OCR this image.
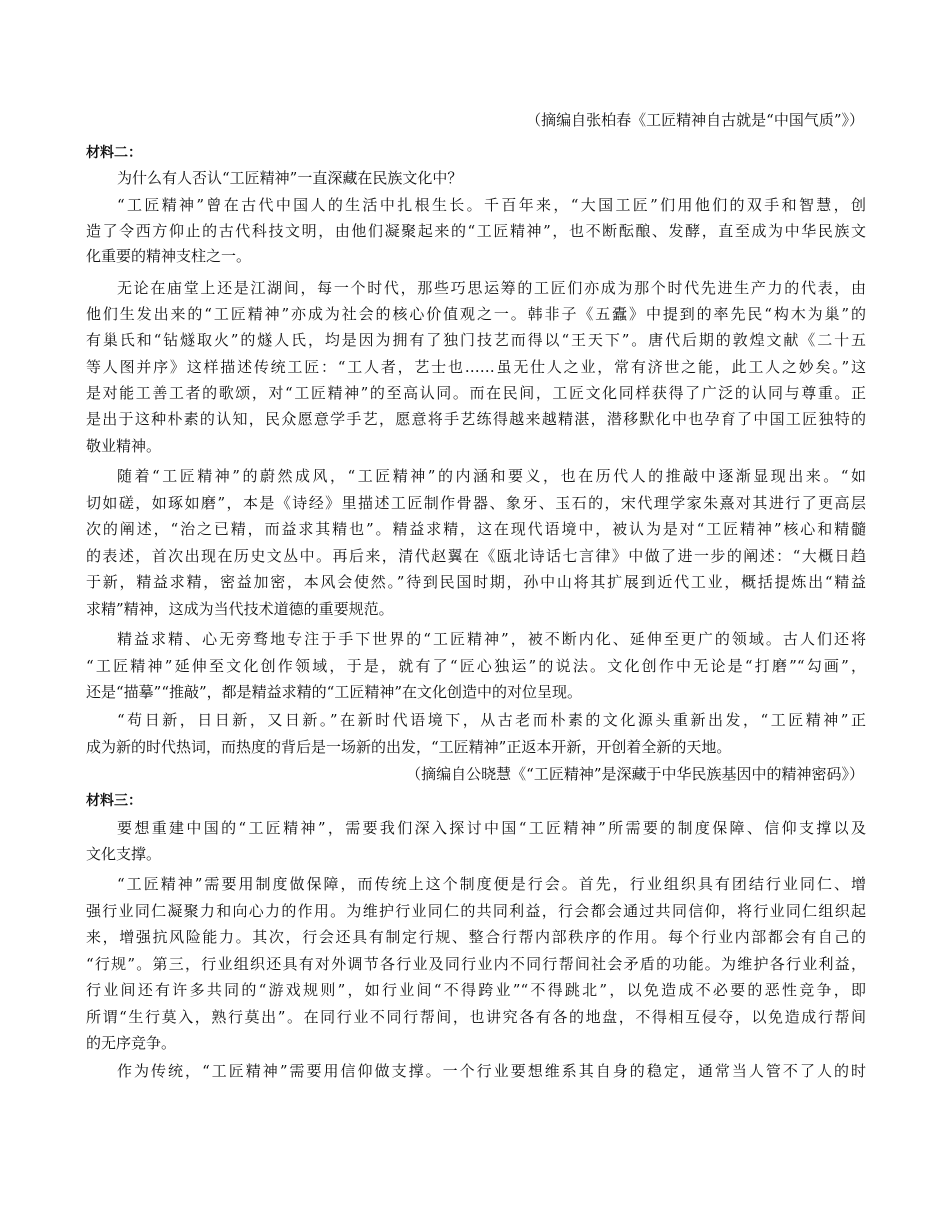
（摘编自张柏春《工匠精神自古就是“中国气质”》）
材料二：
为什么有人否认“工匠精神”一直深藏在民族文化中？
“工匠精神”曾在古代中国人的生活中扎根生长。千百年来，“大国工匠”们用他们的双手和智慧，创
造了令西方仰止的古代科技文明，由他们凝聚起来的“工匠精神”，也不断酝酿、发酵，直至成为中华民族文
化重要的精神支柱之一。
无论在庙堂上还是江湖间，每一个时代，那些巧思运筹的工匠们亦成为那个时代先进生产力的代表，由
他们生发出来的“工匠精神”亦成为社会的核心价值观之一。韩非子《五蠹》中提到的率先民“构木为巢”的
有巢氏和“钻燧取火”的燧人氏，均是因为拥有了独门技艺而得以“王天下”。唐代后期的敦煌文献《二十五
等人图并序》这样描述传统工匠：“工人者，艺士也……虽无仕人之业，常有济世之能，此工人之妙矣。”这
是对能工善工者的歌颂，对“工匠精神”的至高认同。而在民间，工匠文化同样获得了广泛的认同与尊重。正
是出于这种朴素的认知，民众愿意学手艺，愿意将手艺练得越来越精湛，潜移默化中也孕育了中国工匠独特的
敬业精神。
随着“工匠精神”的蔚然成风，“工匠精神”的内涵和要义，也在历代人的推敲中逐渐显现出来。“如
切如磋，如琢如磨”，本是《诗经》里描述工匠制作骨器、象牙、玉石的，宋代理学家朱熹对其进行了更高层
次的阐述，“治之已精，而益求其精也”。精益求精，这在现代语境中，被认为是对“工匠精神”核心和精髓
的表述，首次出现在历史文丛中。再后来，清代赵翼在《瓯北诗话七言律》中做了进一步的阐述：“大概日趋
于新，精益求精，密益加密，本风会使然。”待到民国时期，孙中山将其扩展到近代工业，概括提炼出“精益
求精”精神，这成为当代技术道德的重要规范。
精益求精、心无旁骛地专注于手下世界的“工匠精神”，被不断内化、延伸至更广的领域。古人们还将
“工匠精神”延伸至文化创作领域，于是，就有了“匠心独运”的说法。文化创作中无论是“打磨”“勾画”，
还是“描摹”“推敲”，都是精益求精的“工匠精神”在文化创造中的对位呈现。
“苟日新，日日新，又日新。”在新时代语境下，从古老而朴素的文化源头重新出发，“工匠精神”正
成为新的时代热词，而热度的背后是一场新的出发，“工匠精神”正返本开新，开创着全新的天地。
（摘编自公晓慧《“工匠精神”是深藏于中华民族基因中的精神密码》）
材料三：
要想重建中国的“工匠精神”，需要我们深入探讨中国“工匠精神”所需要的制度保障、信仰支撑以及
文化支撑。
“工匠精神”需要用制度做保障，而传统上这个制度便是行会。首先，行业组织具有团结行业同仁、增
强行业同仁凝聚力和向心力的作用。为维护行业同仁的共同利益，行会都会通过共同信仰，将行业同仁组织起
来，增强抗风险能力。其次，行会还具有制定行规、整合行帮内部秩序的作用。每个行业内部都会有自己的
“行规”。第三，行业组织还具有对外调节各行业及同行业内不同行帮间社会矛盾的功能。为维护各行业利益，
行业间还有许多共同的“游戏规则”，如行业间“不得跨业”“不得跳北”，以免造成不必要的恶性竞争，即
所谓“生行莫入，熟行莫出”。在同行业不同行帮间，也讲究各有各的地盘，不得相互侵夺，以免造成行帮间
的无序竞争。
作为传统，“工匠精神”需要用信仰做支撑。一个行业要想维系其自身的稳定，通常当人管不了人的时
